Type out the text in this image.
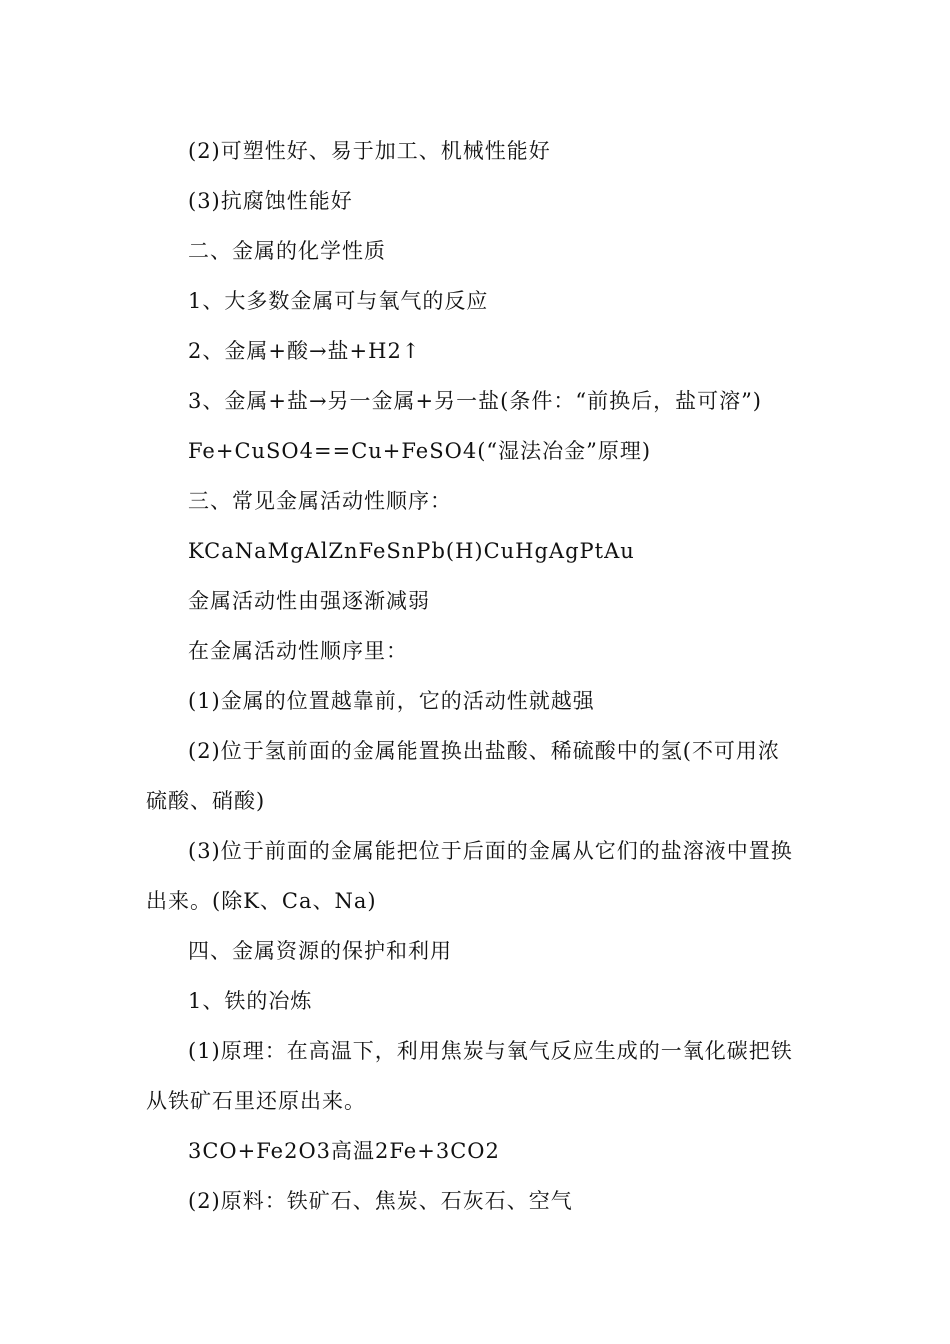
(2)可塑性好、易于加工、机械性能好
(3)抗腐蚀性能好
二、金属的化学性质
1、大多数金属可与氧气的反应
2、金属+酸→盐+H2↑
3、金属+盐→另一金属+另一盐(条件：“前换后，盐可溶”)
Fe+CuSO4==Cu+FeSO4(“湿法冶金”原理)
三、常见金属活动性顺序：
KCaNaMgAlZnFeSnPb(H)CuHgAgPtAu
金属活动性由强逐渐减弱
在金属活动性顺序里：
(1)金属的位置越靠前，它的活动性就越强
(2)位于氢前面的金属能置换出盐酸、稀硫酸中的氢(不可用浓
硫酸、硝酸)
(3)位于前面的金属能把位于后面的金属从它们的盐溶液中置换
出来。(除K、Ca、Na)
四、金属资源的保护和利用
1、铁的冶炼
(1)原理：在高温下，利用焦炭与氧气反应生成的一氧化碳把铁
从铁矿石里还原出来。
3CO+Fe2O3高温2Fe+3CO2
(2)原料：铁矿石、焦炭、石灰石、空气
